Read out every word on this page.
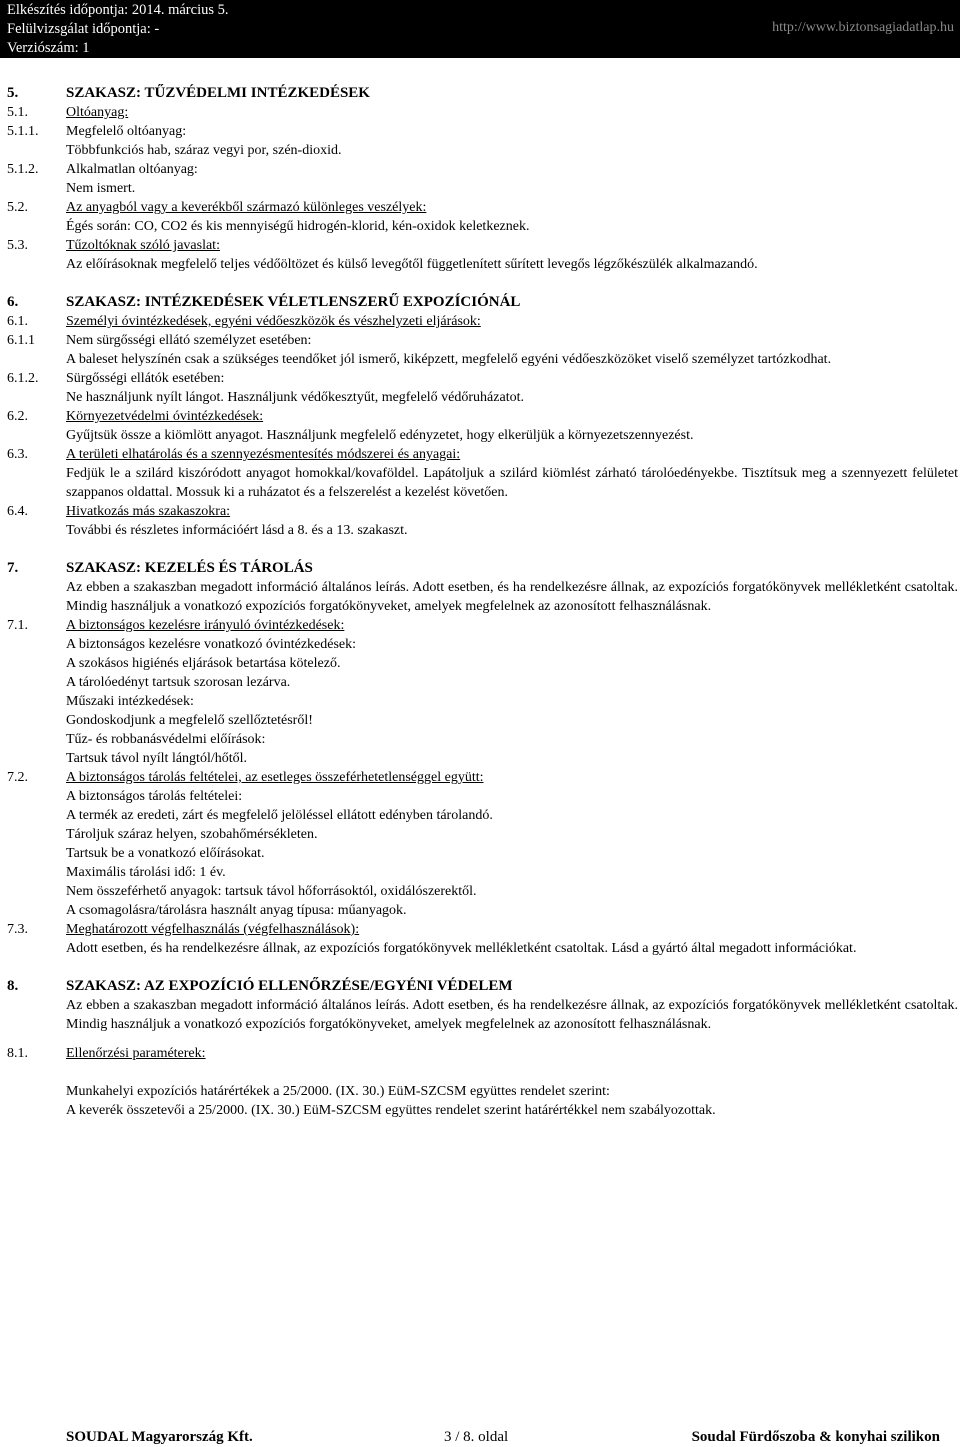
Elkészítés időpontja: 2014. március 5.
Felülvizsgálat időpontja: -
Verziószám: 1
http://www.biztonsagiadatlap.hu
5.	SZAKASZ: TŰZVÉDELMI INTÉZKEDÉSEK
5.1.	Oltóanyag:
5.1.1. Megfelelő oltóanyag:
Többfunkciós hab, száraz vegyi por, szén-dioxid.
5.1.2. Alkalmatlan oltóanyag:
Nem ismert.
5.2.	Az anyagból vagy a keverékből származó különleges veszélyek:
Égés során: CO, CO2 és kis mennyiségű hidrogén-klorid, kén-oxidok keletkeznek.
5.3.	Tűzoltóknak szóló javaslat:
Az előírásoknak megfelelő teljes védőöltözet és külső levegőtől függetlenített sűrített levegős légzőkészülék alkalmazandó.
6.	SZAKASZ: INTÉZKEDÉSEK VÉLETLENSZERŰ EXPOZÍCIÓNÁL
6.1.	Személyi óvintézkedések, egyéni védőeszközök és vészhelyzeti eljárások:
6.1.1 Nem sürgősségi ellátó személyzet esetében:
A baleset helyszínén csak a szükséges teendőket jól ismerő, kiképzett, megfelelő egyéni védőeszközöket viselő személyzet tartózkodhat.
6.1.2. Sürgősségi ellátók esetében:
Ne használjunk nyílt lángot. Használjunk védőkesztyűt, megfelelő védőruházatot.
6.2.	Környezetvédelmi óvintézkedések:
Gyűjtsük össze a kiömlött anyagot. Használjunk megfelelő edényzetet, hogy elkerüljük a környezetszennyezést.
6.3.	A területi elhatárolás és a szennyezésmentesítés módszerei és anyagai:
Fedjük le a szilárd kiszóródott anyagot homokkal/kovaföldel. Lapátoljuk a szilárd kiömlést zárható tárolóedényekbe. Tisztítsuk meg a szennyezett felületet szappanos oldattal. Mossuk ki a ruházatot és a felszerelést a kezelést követően.
6.4.	Hivatkozás más szakaszokra:
További és részletes információért lásd a 8. és a 13. szakaszt.
7.	SZAKASZ: KEZELÉS ÉS TÁROLÁS
Az ebben a szakaszban megadott információ általános leírás. Adott esetben, és ha rendelkezésre állnak, az expozíciós forgatókönyvek mellékletként csatoltak. Mindig használjuk a vonatkozó expozíciós forgatókönyveket, amelyek megfelelnek az azonosított felhasználásnak.
7.1.	A biztonságos kezelésre irányuló óvintézkedések:
A biztonságos kezelésre vonatkozó óvintézkedések:
A szokásos higiénés eljárások betartása kötelező.
A tárolóedényt tartsuk szorosan lezárva.
Műszaki intézkedések:
Gondoskodjunk a megfelelő szellőztetésről!
Tűz- és robbanásvédelmi előírások:
Tartsuk távol nyílt lángtól/hőtől.
7.2.	A biztonságos tárolás feltételei, az esetleges összeférhetetlenséggel együtt:
A biztonságos tárolás feltételei:
A termék az eredeti, zárt és megfelelő jelöléssel ellátott edényben tárolandó.
Tároljuk száraz helyen, szobahőmérsékleten.
Tartsuk be a vonatkozó előírásokat.
Maximális tárolási idő: 1 év.
Nem összeférhető anyagok: tartsuk távol hőforrásoktól, oxidálószerektől.
A csomagolásra/tárolásra használt anyag típusa: műanyagok.
7.3.	Meghatározott végfelhasználás (végfelhasználások):
Adott esetben, és ha rendelkezésre állnak, az expozíciós forgatókönyvek mellékletként csatoltak. Lásd a gyártó által megadott információkat.
8.	SZAKASZ: AZ EXPOZÍCIÓ ELLENŐRZÉSE/EGYÉNI VÉDELEM
Az ebben a szakaszban megadott információ általános leírás. Adott esetben, és ha rendelkezésre állnak, az expozíciós forgatókönyvek mellékletként csatoltak. Mindig használjuk a vonatkozó expozíciós forgatókönyveket, amelyek megfelelnek az azonosított felhasználásnak.
8.1.	Ellenőrzési paraméterek:
Munkahelyi expozíciós határértékek a 25/2000. (IX. 30.) EüM-SZCSM együttes rendelet szerint:
A keverék összetevői a 25/2000. (IX. 30.) EüM-SZCSM együttes rendelet szerint határértékkel nem szabályozottak.
SOUDAL Magyarország Kft.	3 / 8. oldal	Soudal Fürdőszoba & konyhai szilikon
